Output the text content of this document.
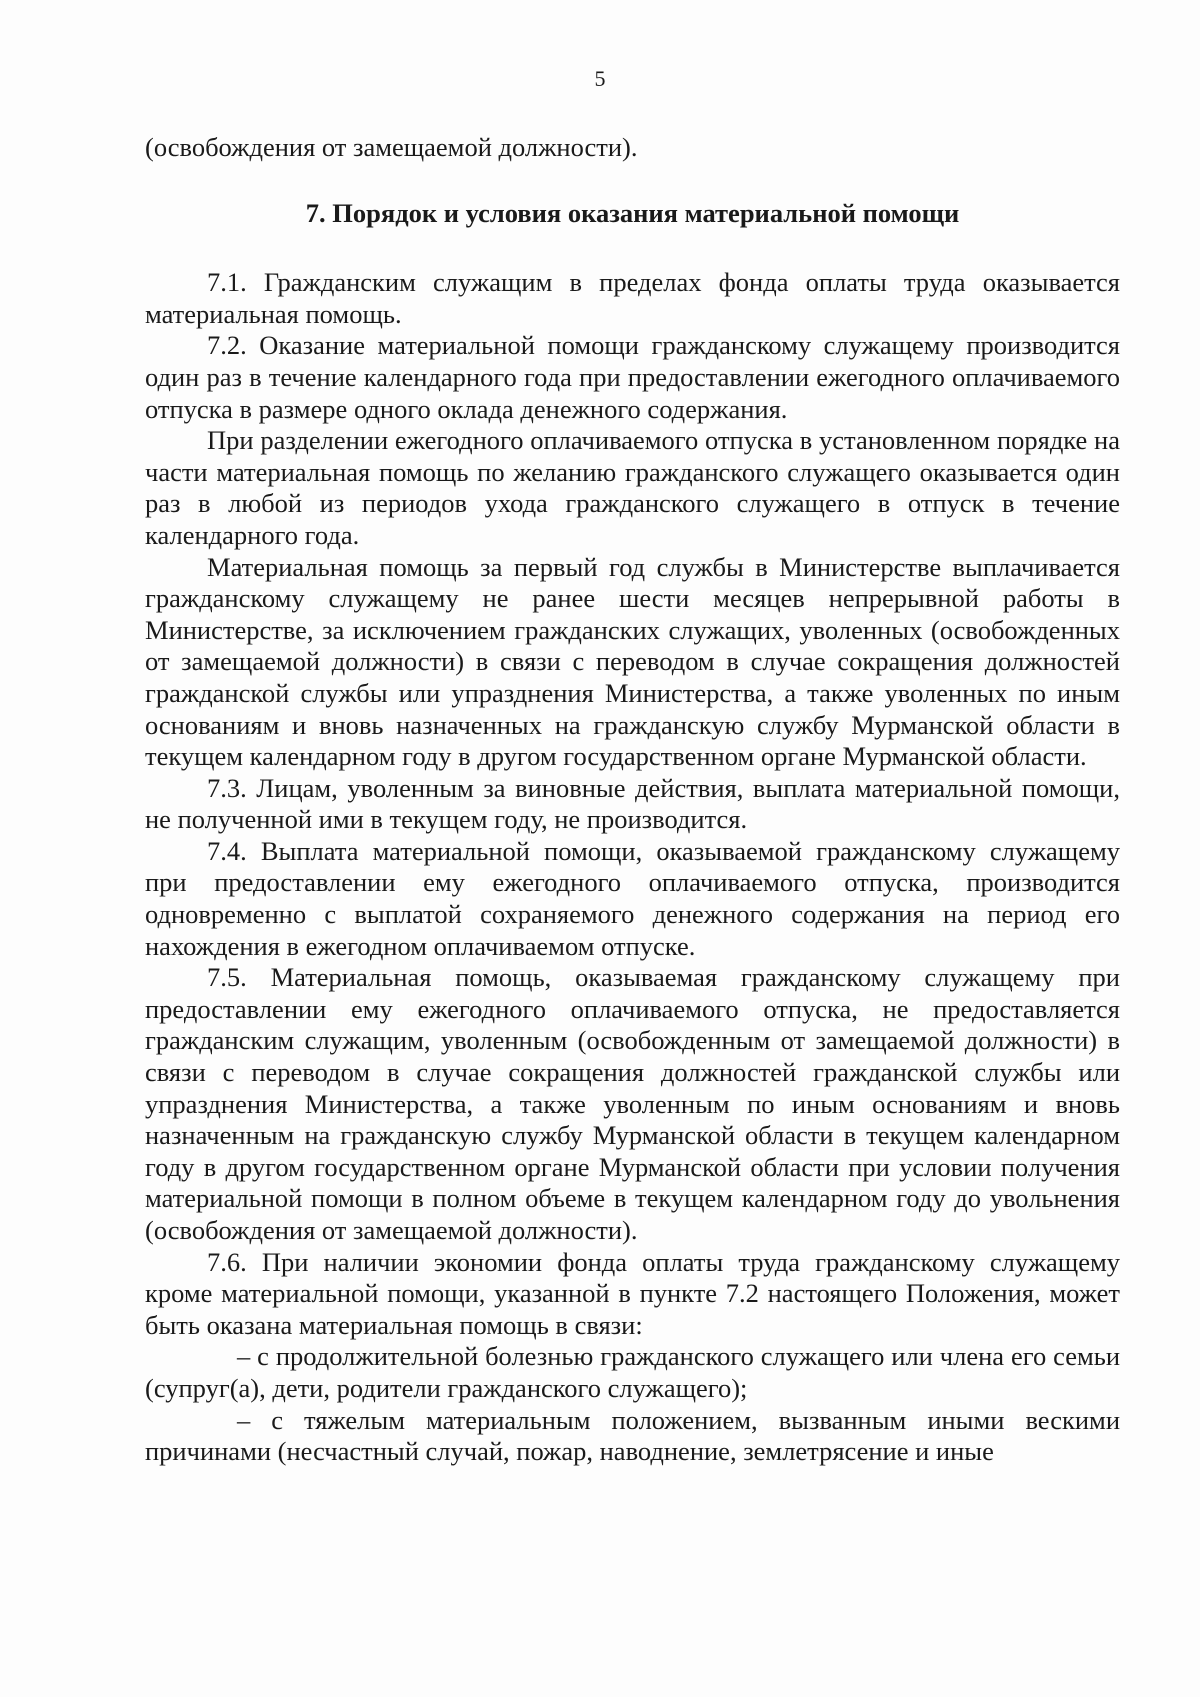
5

(освобождения от замещаемой должности).

7. Порядок и условия оказания материальной помощи

7.1. Гражданским служащим в пределах фонда оплаты труда оказывается материальная помощь.

7.2. Оказание материальной помощи гражданскому служащему производится один раз в течение календарного года при предоставлении ежегодного оплачиваемого отпуска в размере одного оклада денежного содержания.

При разделении ежегодного оплачиваемого отпуска в установленном порядке на части материальная помощь по желанию гражданского служащего оказывается один раз в любой из периодов ухода гражданского служащего в отпуск в течение календарного года.

Материальная помощь за первый год службы в Министерстве выплачивается гражданскому служащему не ранее шести месяцев непрерывной работы в Министерстве, за исключением гражданских служащих, уволенных (освобожденных от замещаемой должности) в связи с переводом в случае сокращения должностей гражданской службы или упразднения Министерства, а также уволенных по иным основаниям и вновь назначенных на гражданскую службу Мурманской области в текущем календарном году в другом государственном органе Мурманской области.

7.3. Лицам, уволенным за виновные действия, выплата материальной помощи, не полученной ими в текущем году, не производится.

7.4. Выплата материальной помощи, оказываемой гражданскому служащему при предоставлении ему ежегодного оплачиваемого отпуска, производится одновременно с выплатой сохраняемого денежного содержания на период его нахождения в ежегодном оплачиваемом отпуске.

7.5. Материальная помощь, оказываемая гражданскому служащему при предоставлении ему ежегодного оплачиваемого отпуска, не предоставляется гражданским служащим, уволенным (освобожденным от замещаемой должности) в связи с переводом в случае сокращения должностей гражданской службы или упразднения Министерства, а также уволенным по иным основаниям и вновь назначенным на гражданскую службу Мурманской области в текущем календарном году в другом государственном органе Мурманской области при условии получения материальной помощи в полном объеме в текущем календарном году до увольнения (освобождения от замещаемой должности).

7.6. При наличии экономии фонда оплаты труда гражданскому служащему кроме материальной помощи, указанной в пункте 7.2 настоящего Положения, может быть оказана материальная помощь в связи:

– с продолжительной болезнью гражданского служащего или члена его семьи (супруг(а), дети, родители гражданского служащего);

– с тяжелым материальным положением, вызванным иными вескими причинами (несчастный случай, пожар, наводнение, землетрясение и иные
